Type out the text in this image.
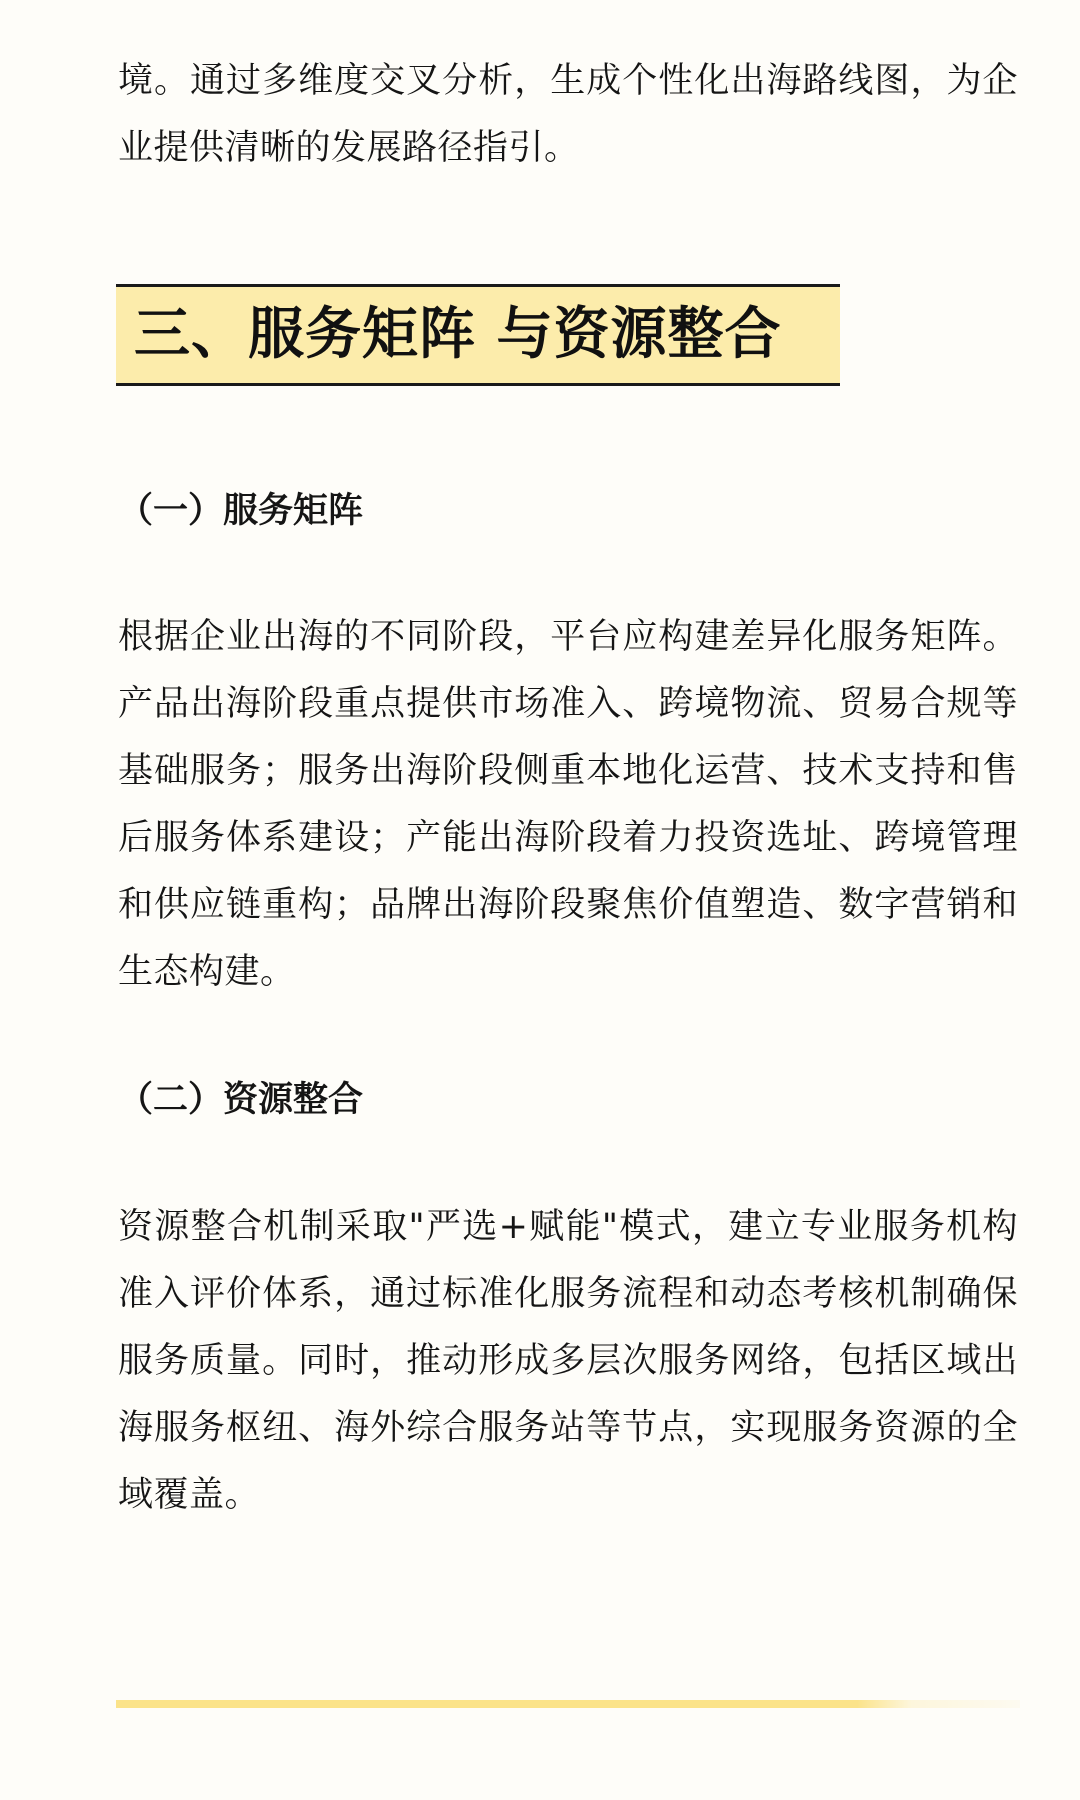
境。通过多维度交叉分析，生成个性化出海路线图，为企业提供清晰的发展路径指引。

三、服务矩阵 与资源整合
（一）服务矩阵

根据企业出海的不同阶段，平台应构建差异化服务矩阵。产品出海阶段重点提供市场准入、跨境物流、贸易合规等基础服务；服务出海阶段侧重本地化运营、技术支持和售后服务体系建设；产能出海阶段着力投资选址、跨境管理和供应链重构；品牌出海阶段聚焦价值塑造、数字营销和生态构建。

（二）资源整合

资源整合机制采取"严选+赋能"模式，建立专业服务机构准入评价体系，通过标准化服务流程和动态考核机制确保服务质量。同时，推动形成多层次服务网络，包括区域出海服务枢纽、海外综合服务站等节点，实现服务资源的全域覆盖。
